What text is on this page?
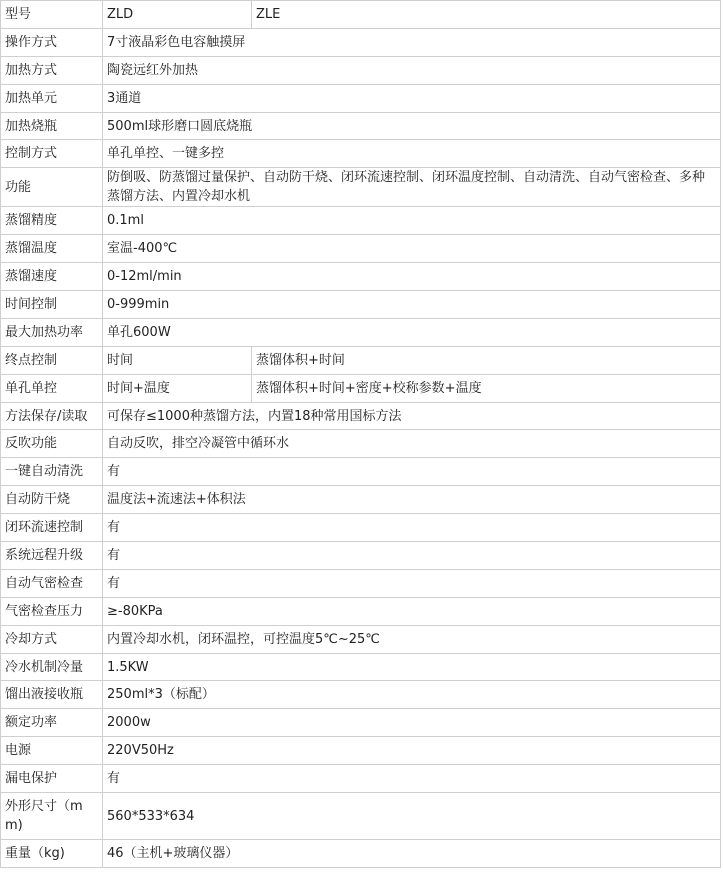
型号	ZLD	ZLE
操作方式	7寸液晶彩色电容触摸屏	
加热方式	陶瓷远红外加热	
加热单元	3通道	
加热烧瓶	500ml球形磨口圆底烧瓶	
控制方式	单孔单控、一键多控	
功能	防倒吸、防蒸馏过量保护、自动防干烧、闭环流速控制、闭环温度控制、自动清洗、自动气密检查、多种蒸馏方法、内置冷却水机	
蒸馏精度	0.1ml	
蒸馏温度	室温-400℃	
蒸馏速度	0-12ml/min	
时间控制	0-999min	
最大加热功率	单孔600W	
终点控制	时间	蒸馏体积+时间
单孔单控	时间+温度	蒸馏体积+时间+密度+校称参数+温度
方法保存/读取	可保存≤1000种蒸馏方法，内置18种常用国标方法	
反吹功能	自动反吹，排空冷凝管中循环水	
一键自动清洗	有	
自动防干烧	温度法+流速法+体积法	
闭环流速控制	有	
系统远程升级	有	
自动气密检查	有	
气密检查压力	≥-80KPa	
冷却方式	内置冷却水机，闭环温控，可控温度5℃~25℃	
冷水机制冷量	1.5KW	
馏出液接收瓶	250ml*3（标配）	
额定功率	2000w	
电源	220V50Hz	
漏电保护	有	
外形尺寸（mm)	560*533*634	
重量（kg)	46（主机+玻璃仪器）	
